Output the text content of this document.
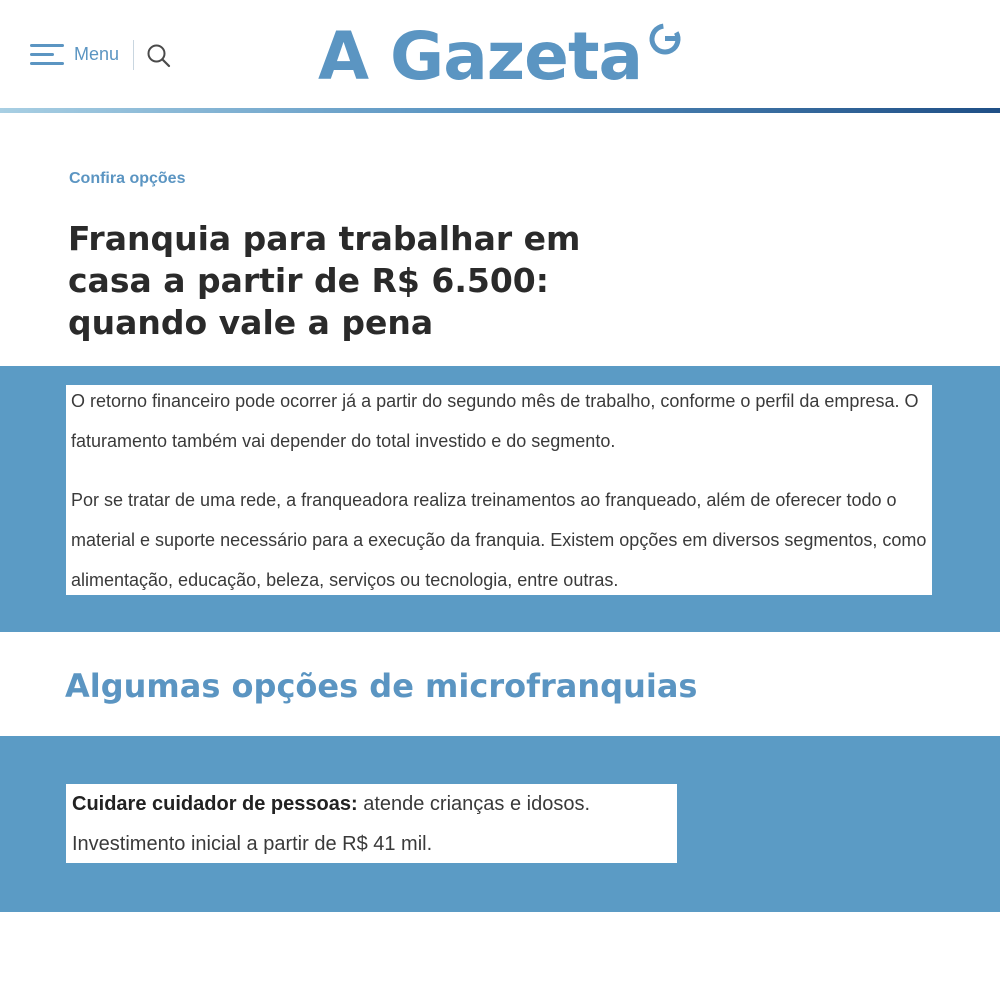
Menu	A Gazeta
Confira opções
Franquia para trabalhar em casa a partir de R$ 6.500: quando vale a pena

O retorno financeiro pode ocorrer já a partir do segundo mês de trabalho, conforme o perfil da empresa. O faturamento também vai depender do total investido e do segmento.

Por se tratar de uma rede, a franqueadora realiza treinamentos ao franqueado, além de oferecer todo o material e suporte necessário para a execução da franquia. Existem opções em diversos segmentos, como alimentação, educação, beleza, serviços ou tecnologia, entre outras.

Algumas opções de microfranquias

Cuidare cuidador de pessoas: atende crianças e idosos.

Investimento inicial a partir de R$ 41 mil.
